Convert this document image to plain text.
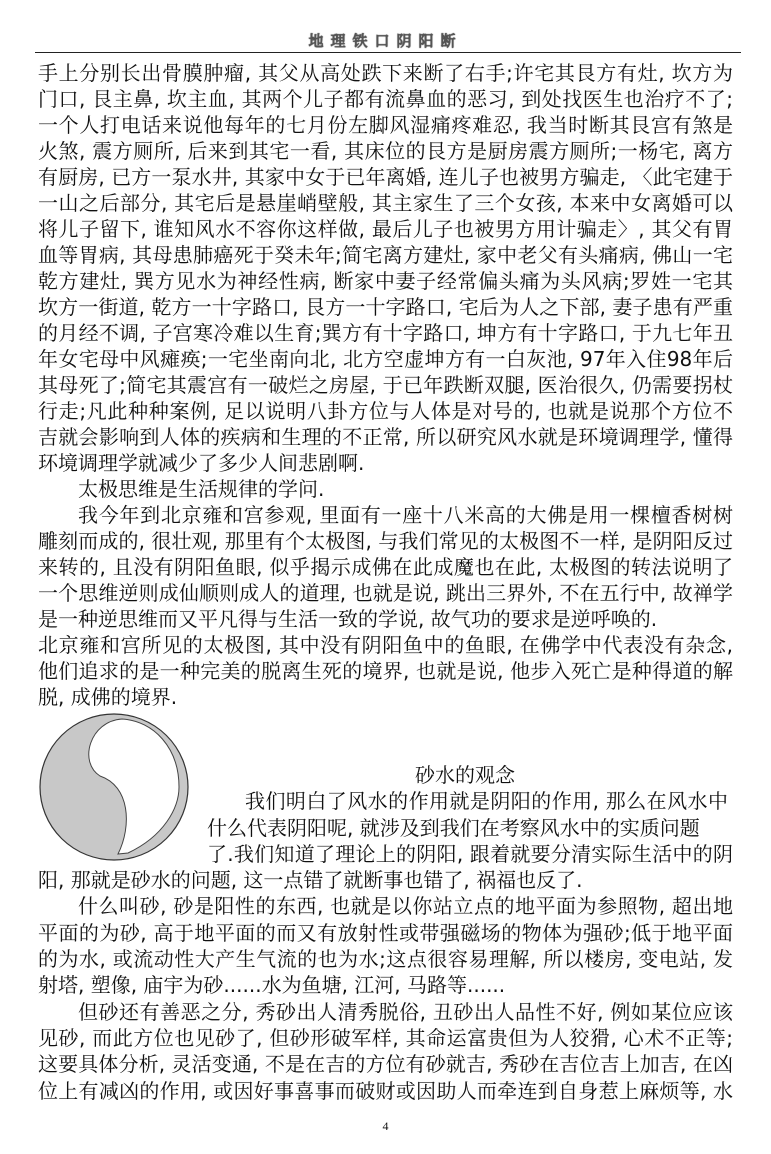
地理铁口阴阳断
手上分别长出骨膜肿瘤, 其父从高处跌下来断了右手;许宅其艮方有灶, 坎方为
门口, 艮主鼻, 坎主血, 其两个儿子都有流鼻血的恶习, 到处找医生也治疗不了;
一个人打电话来说他每年的七月份左脚风湿痛疼难忍, 我当时断其艮宫有煞是
火煞, 震方厕所, 后来到其宅一看, 其床位的艮方是厨房震方厕所;一杨宅, 离方
有厨房, 已方一泵水井, 其家中女于已年离婚, 连儿子也被男方骗走, 〈此宅建于
一山之后部分, 其宅后是悬崖峭壁般, 其主家生了三个女孩, 本来中女离婚可以
将儿子留下, 谁知风水不容你这样做, 最后儿子也被男方用计骗走〉, 其父有胃
血等胃病, 其母患肺癌死于癸未年;简宅离方建灶, 家中老父有头痛病, 佛山一宅
乾方建灶, 巽方见水为神经性病, 断家中妻子经常偏头痛为头风病;罗姓一宅其
坎方一街道, 乾方一十字路口, 艮方一十字路口, 宅后为人之下部, 妻子患有严重
的月经不调, 子宫寒冷难以生育;巽方有十字路口, 坤方有十字路口, 于九七年丑
年女宅母中风瘫痪;一宅坐南向北, 北方空虚坤方有一白灰池, 97年入住98年后
其母死了;简宅其震宫有一破烂之房屋, 于已年跌断双腿, 医治很久, 仍需要拐杖
行走;凡此种种案例, 足以说明八卦方位与人体是对号的, 也就是说那个方位不
吉就会影响到人体的疾病和生理的不正常, 所以研究风水就是环境调理学, 懂得
环境调理学就减少了多少人间悲剧啊.
太极思维是生活规律的学问.
我今年到北京雍和宫参观, 里面有一座十八米高的大佛是用一棵檀香树树
雕刻而成的, 很壮观, 那里有个太极图, 与我们常见的太极图不一样, 是阴阳反过
来转的, 且没有阴阳鱼眼, 似乎揭示成佛在此成魔也在此, 太极图的转法说明了
一个思维逆则成仙顺则成人的道理, 也就是说, 跳出三界外, 不在五行中, 故禅学
是一种逆思维而又平凡得与生活一致的学说, 故气功的要求是逆呼唤的.
北京雍和宫所见的太极图, 其中没有阴阳鱼中的鱼眼, 在佛学中代表没有杂念,
他们追求的是一种完美的脱离生死的境界, 也就是说, 他步入死亡是种得道的解
脱, 成佛的境界.
砂水的观念
我们明白了风水的作用就是阴阳的作用, 那么在风水中
什么代表阴阳呢, 就涉及到我们在考察风水中的实质问题
了.我们知道了理论上的阴阳, 跟着就要分清实际生活中的阴
阳, 那就是砂水的问题, 这一点错了就断事也错了, 祸福也反了.
什么叫砂, 砂是阳性的东西, 也就是以你站立点的地平面为参照物, 超出地
平面的为砂, 高于地平面的而又有放射性或带强磁场的物体为强砂;低于地平面
的为水, 或流动性大产生气流的也为水;这点很容易理解, 所以楼房, 变电站, 发
射塔, 塑像, 庙宇为砂......水为鱼塘, 江河, 马路等......
但砂还有善恶之分, 秀砂出人清秀脱俗, 丑砂出人品性不好, 例如某位应该
见砂, 而此方位也见砂了, 但砂形破军样, 其命运富贵但为人狡猾, 心术不正等;
这要具体分析, 灵活变通, 不是在吉的方位有砂就吉, 秀砂在吉位吉上加吉, 在凶
位上有减凶的作用, 或因好事喜事而破财或因助人而牵连到自身惹上麻烦等, 水
4
